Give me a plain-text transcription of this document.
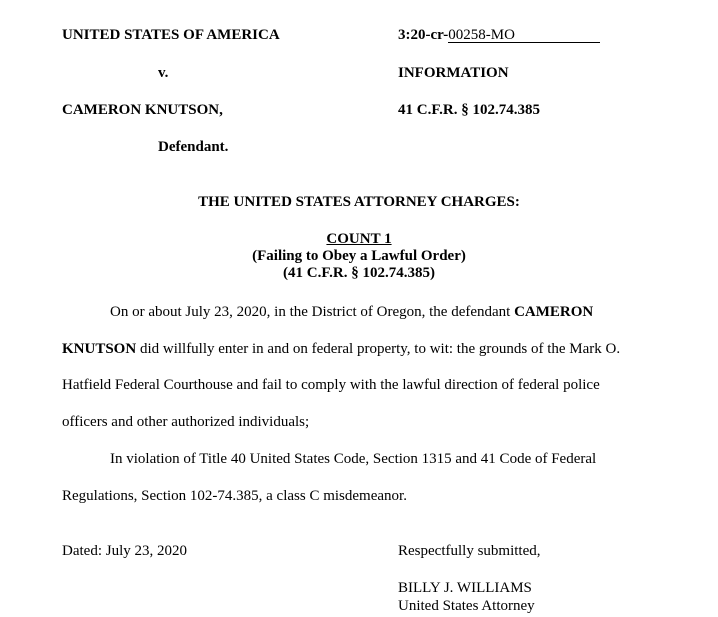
UNITED STATES OF AMERICA
v.
CAMERON KNUTSON,
Defendant.
3:20-cr-00258-MO
INFORMATION
41 C.F.R. § 102.74.385
THE UNITED STATES ATTORNEY CHARGES:
COUNT 1
(Failing to Obey a Lawful Order)
(41 C.F.R. § 102.74.385)
On or about July 23, 2020, in the District of Oregon, the defendant CAMERON
KNUTSON did willfully enter in and on federal property, to wit: the grounds of the Mark O.
Hatfield Federal Courthouse and fail to comply with the lawful direction of federal police
officers and other authorized individuals;
In violation of Title 40 United States Code, Section 1315 and 41 Code of Federal
Regulations, Section 102-74.385, a class C misdemeanor.
Dated: July 23, 2020	Respectfully submitted,
BILLY J. WILLIAMS
United States Attorney
